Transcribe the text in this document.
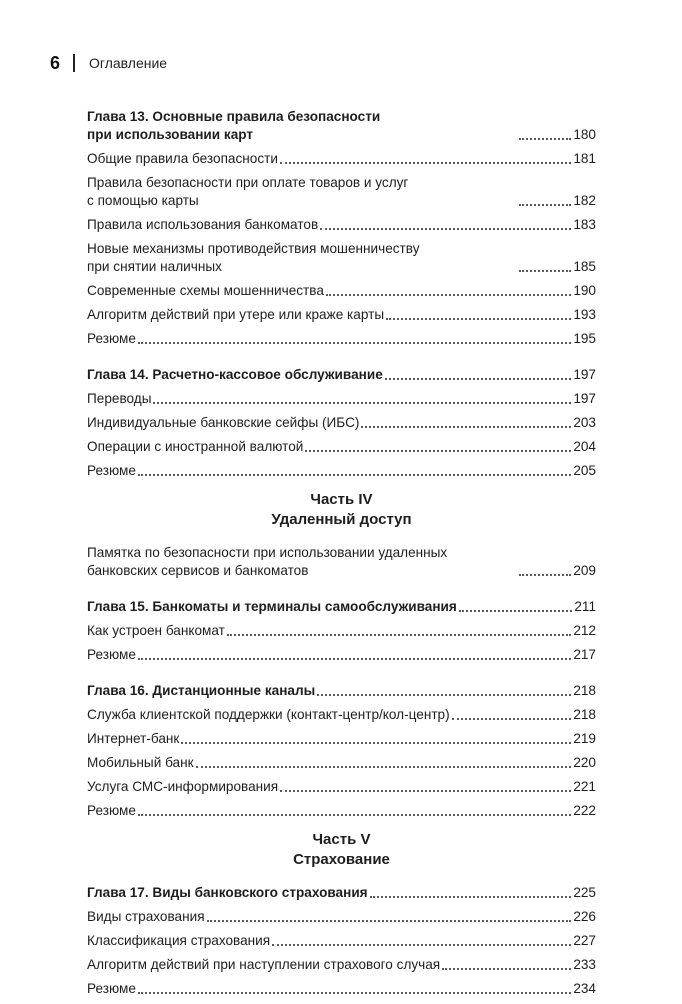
6 Оглавление
Глава 13. Основные правила безопасности
при использовании карт	180
Общие правила безопасности	181
Правила безопасности при оплате товаров и услуг
с помощью карты	182
Правила использования банкоматов	183
Новые механизмы противодействия мошенничеству
при снятии наличных	185
Современные схемы мошенничества	190
Алгоритм действий при утере или краже карты	193
Резюме	195
Глава 14. Расчетно-кассовое обслуживание	197
Переводы	197
Индивидуальные банковские сейфы (ИБС)	203
Операции с иностранной валютой	204
Резюме	205
Часть IV
Удаленный доступ
Памятка по безопасности при использовании удаленных
банковских сервисов и банкоматов	209
Глава 15. Банкоматы и терминалы самообслуживания	211
Как устроен банкомат	212
Резюме	217
Глава 16. Дистанционные каналы	218
Служба клиентской поддержки (контакт-центр/кол-центр)	218
Интернет-банк	219
Мобильный банк	220
Услуга СМС-информирования	221
Резюме	222
Часть V
Страхование
Глава 17. Виды банковского страхования	225
Виды страхования	226
Классификация страхования	227
Алгоритм действий при наступлении страхового случая	233
Резюме	234
